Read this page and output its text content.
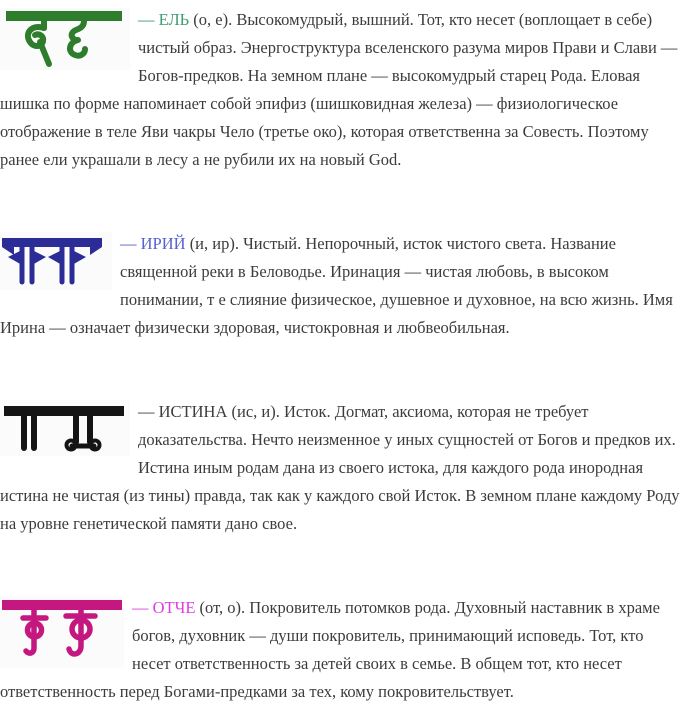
— ЕЛЬ (о, е). Высокомудрый, вышний. Тот, кто несет (воплощает в себе) чистый образ. Энергоструктура вселенского разума миров Прави и Слави — Богов-предков. На земном плане — высокомудрый старец Рода. Еловая шишка по форме напоминает собой эпифиз (шишковидная железа) — физиологическое отображение в теле Яви чакры Чело (третье око), которая ответственна за Совесть. Поэтому ранее ели украшали в лесу а не рубили их на новый God.

— ИРИЙ (и, ир). Чистый. Непорочный, исток чистого света. Название священной реки в Беловодье. Иринация — чистая любовь, в высоком понимании, т е слияние физическое, душевное и духовное, на всю жизнь. Имя Ирина — означает физически здоровая, чистокровная и любвеобильная.

— ИСТИНА (ис, и). Исток. Догмат, аксиома, которая не требует доказательства. Нечто неизменное у иных сущностей от Богов и предков их. Истина иным родам дана из своего истока, для каждого рода инородная истина не чистая (из тины) правда, так как у каждого свой Исток. В земном плане каждому Роду на уровне генетической памяти дано свое.

— ОТЧЕ (от, о). Покровитель потомков рода. Духовный наставник в храме богов, духовник — души покровитель, принимающий исповедь. Тот, кто несет ответственность за детей своих в семье. В общем тот, кто несет ответственность перед Богами-предками за тех, кому покровительствует.
